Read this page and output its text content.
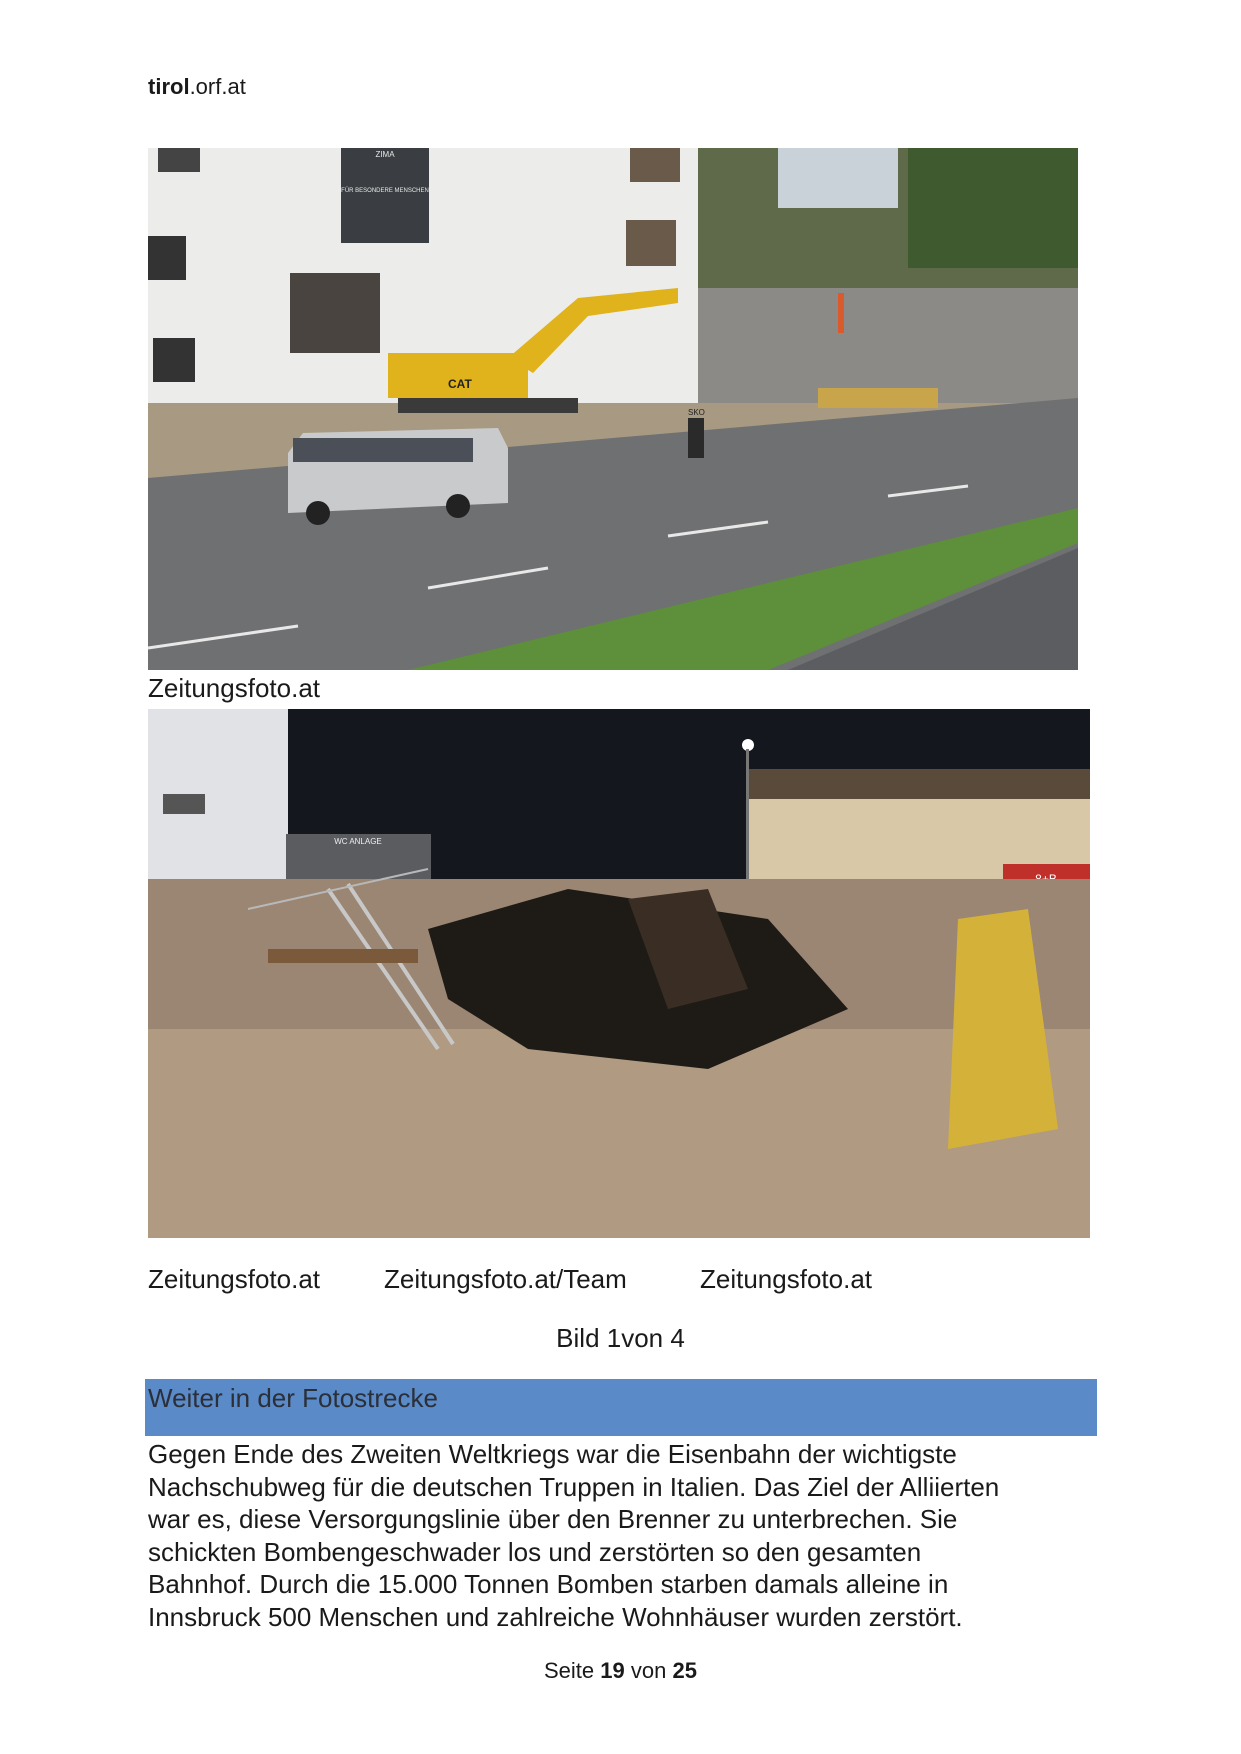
tirol.orf.at
ZIMA
FÜR BESONDERE MENSCHEN
CAT
SKO
Zeitungsfoto.at
WC ANLAGE
Zeitungsfoto.at Zeitungsfoto.at/Team	Zeitungsfoto.at
Bild 1von 4
Weiter in der Fotostrecke

Gegen Ende des Zweiten Weltkriegs war die Eisenbahn der wichtigste
Nachschubweg für die deutschen Truppen in Italien. Das Ziel der Alliierten
war es, diese Versorgungslinie über den Brenner zu unterbrechen. Sie
schickten Bombengeschwader los und zerstörten so den gesamten
Bahnhof. Durch die 15.000 Tonnen Bomben starben damals alleine in
Innsbruck 500 Menschen und zahlreiche Wohnhäuser wurden zerstört.

Seite 19 von 25
